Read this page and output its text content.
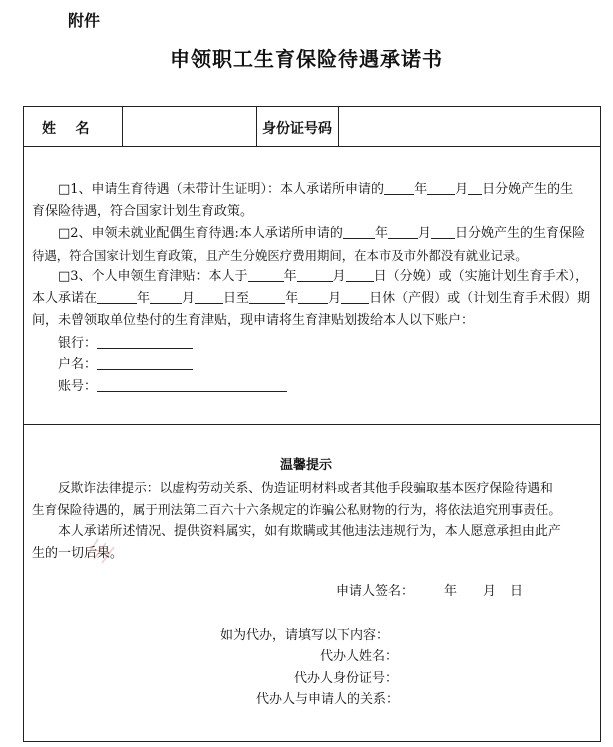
附件
申领职工生育保险待遇承诺书
姓    名	身份证号码
□1、申请生育待遇（未带计生证明）：本人承诺所申请的 年 月 日分娩产生的生
育保险待遇，符合国家计划生育政策。
□2、申领未就业配偶生育待遇:本人承诺所申请的 年 月 日分娩产生的生育保险
待遇，符合国家计划生育政策，且产生分娩医疗费用期间，在本市及市外都没有就业记录。
□3、个人申领生育津贴：本人于	年	月 日（分娩）或（实施计划生育手术），
本人承诺在	年 月 日至	年 月 日休（产假）或（计划生育手术假）期
间，未曾领取单位垫付的生育津贴，现申请将生育津贴划拨给本人以下账户：
银行：
户名：
账号：
温馨提示
反欺诈法律提示：以虚构劳动关系、伪造证明材料或者其他手段骗取基本医疗保险待遇和
生育保险待遇的，属于刑法第二百六十六条规定的诈骗公私财物的行为，将依法追究刑事责任。
本人承诺所述情况、提供资料属实，如有欺瞒或其他违法违规行为，本人愿意承担由此产
生的一切后果。
申请人签名： 年 月 日
如为代办，请填写以下内容：
代办人姓名：
代办人身份证号：
代办人与申请人的关系：
